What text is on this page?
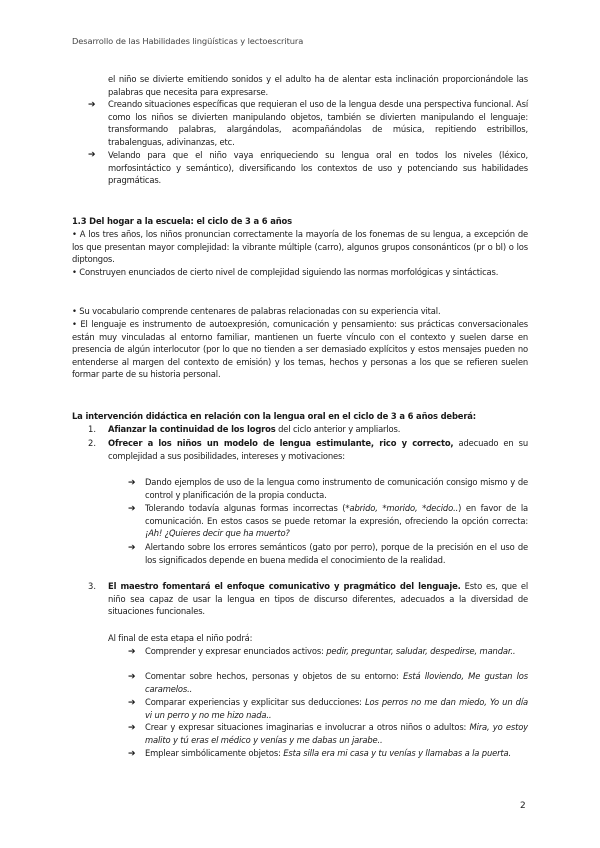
Desarrollo de las Habilidades lingüísticas y lectoescritura
el niño se divierte emitiendo sonidos y el adulto ha de alentar esta inclinación proporcionándole las palabras que necesita para expresarse.
➔ Creando situaciones específicas que requieran el uso de la lengua desde una perspectiva funcional. Así como los niños se divierten manipulando objetos, también se divierten manipulando el lenguaje: transformando palabras, alargándolas, acompañándolas de música, repitiendo estribillos, trabalenguas, adivinanzas, etc.
➔ Velando para que el niño vaya enriqueciendo su lengua oral en todos los niveles (léxico, morfosintáctico y semántico), diversificando los contextos de uso y potenciando sus habilidades pragmáticas.
1.3 Del hogar a la escuela: el ciclo de 3 a 6 años
• A los tres años, los niños pronuncian correctamente la mayoría de los fonemas de su lengua, a excepción de los que presentan mayor complejidad: la vibrante múltiple (carro), algunos grupos consonánticos (pr o bl) o los diptongos.
• Construyen enunciados de cierto nivel de complejidad siguiendo las normas morfológicas y sintácticas.
• Su vocabulario comprende centenares de palabras relacionadas con su experiencia vital.
• El lenguaje es instrumento de autoexpresión, comunicación y pensamiento: sus prácticas conversacionales están muy vinculadas al entorno familiar, mantienen un fuerte vínculo con el contexto y suelen darse en presencia de algún interlocutor (por lo que no tienden a ser demasiado explícitos y estos mensajes pueden no entenderse al margen del contexto de emisión) y los temas, hechos y personas a los que se refieren suelen formar parte de su historia personal.
La intervención didáctica en relación con la lengua oral en el ciclo de 3 a 6 años deberá:
1. Afianzar la continuidad de los logros del ciclo anterior y ampliarlos.
2. Ofrecer a los niños un modelo de lengua estimulante, rico y correcto, adecuado en su complejidad a sus posibilidades, intereses y motivaciones:
➔ Dando ejemplos de uso de la lengua como instrumento de comunicación consigo mismo y de control y planificación de la propia conducta.
➔ Tolerando todavía algunas formas incorrectas (*abrido, *morido, *decido..) en favor de la comunicación. En estos casos se puede retomar la expresión, ofreciendo la opción correcta: ¡Ah! ¿Quieres decir que ha muerto?
➔ Alertando sobre los errores semánticos (gato por perro), porque de la precisión en el uso de los significados depende en buena medida el conocimiento de la realidad.
3. El maestro fomentará el enfoque comunicativo y pragmático del lenguaje. Esto es, que el niño sea capaz de usar la lengua en tipos de discurso diferentes, adecuados a la diversidad de situaciones funcionales.
Al final de esta etapa el niño podrá:
➔ Comprender y expresar enunciados activos: pedir, preguntar, saludar, despedirse, mandar..
➔ Comentar sobre hechos, personas y objetos de su entorno: Está lloviendo, Me gustan los caramelos..
➔ Comparar experiencias y explicitar sus deducciones: Los perros no me dan miedo, Yo un día vi un perro y no me hizo nada..
➔ Crear y expresar situaciones imaginarias e involucrar a otros niños o adultos: Mira, yo estoy malito y tú eras el médico y venías y me dabas un jarabe..
➔ Emplear simbólicamente objetos: Esta silla era mi casa y tu venías y llamabas a la puerta.
2
